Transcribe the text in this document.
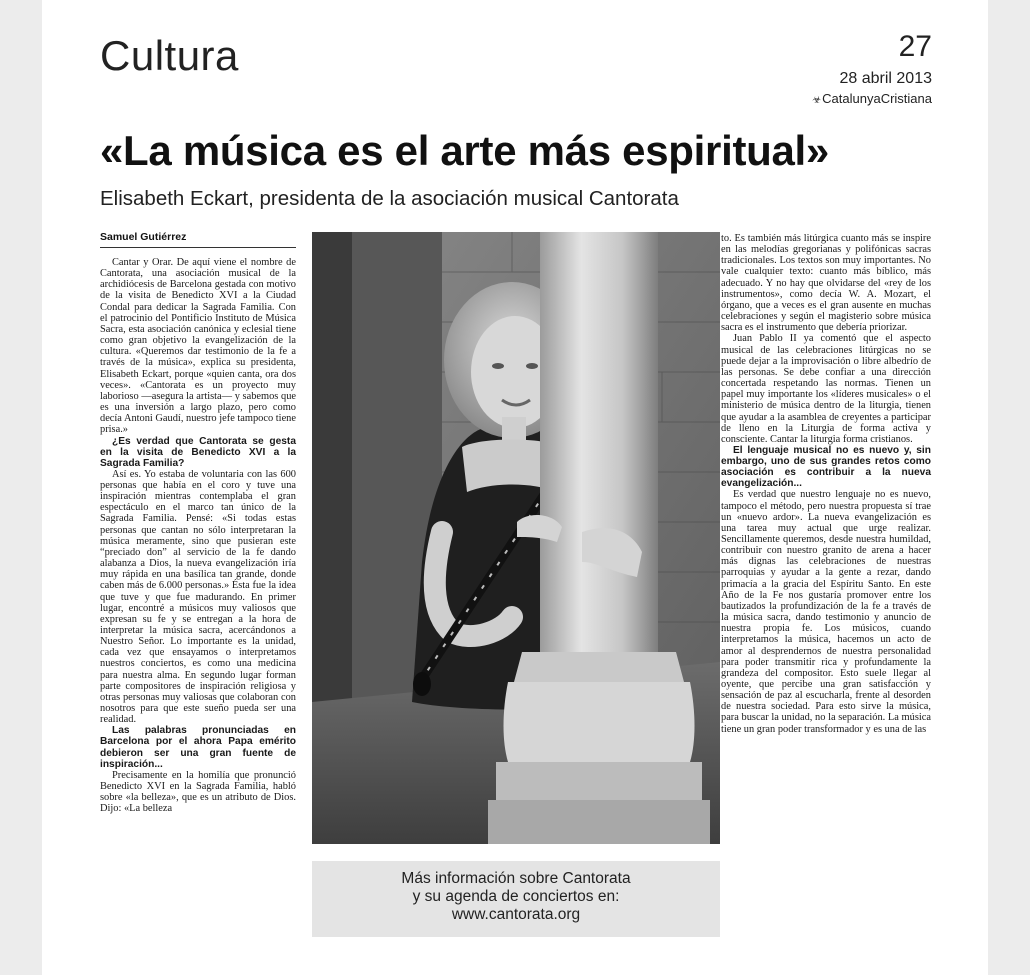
Cultura	27
28 abril 2013
☣CatalunyaCristiana
«La música es el arte más espiritual»
Elisabeth Eckart, presidenta de la asociación musical Cantorata
Samuel Gutiérrez

Cantar y Orar. De aquí viene el nombre de Cantorata, una asociación musical de la archidiócesis de Barcelona gestada con motivo de la visita de Benedicto XVI a la Ciudad Condal para dedicar la Sagrada Familia. Con el patrocinio del Pontificio Instituto de Música Sacra, esta asociación canónica y eclesial tiene como gran objetivo la evangelización de la cultura. «Queremos dar testimonio de la fe a través de la música», explica su presidenta, Elisabeth Eckart, porque «quien canta, ora dos veces». «Cantorata es un proyecto muy laborioso —asegura la artista— y sabemos que es una inversión a largo plazo, pero como decía Antoni Gaudí, nuestro jefe tampoco tiene prisa.»

¿Es verdad que Cantorata se gesta en la visita de Benedicto XVI a la Sagrada Familia?

Así es. Yo estaba de voluntaria con las 600 personas que había en el coro y tuve una inspiración mientras contemplaba el gran espectáculo en el marco tan único de la Sagrada Familia. Pensé: «Si todas estas personas que cantan no sólo interpretaran la música meramente, sino que pusieran este “preciado don” al servicio de la fe dando alabanza a Dios, la nueva evangelización iría muy rápida en una basílica tan grande, donde caben más de 6.000 personas.» Ésta fue la idea que tuve y que fue madurando. En primer lugar, encontré a músicos muy valiosos que expresan su fe y se entregan a la hora de interpretar la música sacra, acercándonos a Nuestro Señor. Lo importante es la unidad, cada vez que ensayamos o interpretamos nuestros conciertos, es como una medicina para nuestra alma. En segundo lugar forman parte compositores de inspiración religiosa y otras personas muy valiosas que colaboran con nosotros para que este sueño pueda ser una realidad.

Las palabras pronunciadas en Barcelona por el ahora Papa emérito debieron ser una gran fuente de inspiración...

Precisamente en la homilía que pronunció Benedicto XVI en la Sagrada Familia, habló sobre «la belleza», que es un atributo de Dios. Dijo: «La belleza

Más información sobre Cantorata
y su agenda de conciertos en:
www.cantorata.org

to. Es también más litúrgica cuanto más se inspire en las melodías gregorianas y polifónicas sacras tradicionales. Los textos son muy importantes. No vale cualquier texto: cuanto más bíblico, más adecuado. Y no hay que olvidarse del «rey de los instrumentos», como decía W. A. Mozart, el órgano, que a veces es el gran ausente en muchas celebraciones y según el magisterio sobre música sacra es el instrumento que debería priorizar.

Juan Pablo II ya comentó que el aspecto musical de las celebraciones litúrgicas no se puede dejar a la improvisación o libre albedrío de las personas. Se debe confiar a una dirección concertada respetando las normas. Tienen un papel muy importante los «líderes musicales» o el ministerio de música dentro de la liturgia, tienen que ayudar a la asamblea de creyentes a participar de lleno en la Liturgia de forma activa y consciente. Cantar la liturgia forma cristianos.

El lenguaje musical no es nuevo y, sin embargo, uno de sus grandes retos como asociación es contribuir a la nueva evangelización...

Es verdad que nuestro lenguaje no es nuevo, tampoco el método, pero nuestra propuesta sí trae un «nuevo ardor». La nueva evangelización es una tarea muy actual que urge realizar. Sencillamente queremos, desde nuestra humildad, contribuir con nuestro granito de arena a hacer más dignas las celebraciones de nuestras parroquias y ayudar a la gente a rezar, dando primacía a la gracia del Espíritu Santo. En este Año de la Fe nos gustaría promover entre los bautizados la profundización de la fe a través de la música sacra, dando testimonio y anuncio de nuestra propia fe. Los músicos, cuando interpretamos la música, hacemos un acto de amor al desprendernos de nuestra personalidad para poder transmitir rica y profundamente la grandeza del compositor. Esto suele llegar al oyente, que percibe una gran satisfacción y sensación de paz al escucharla, frente al desorden de nuestra sociedad. Para esto sirve la música, para buscar la unidad, no la separación. La música tiene un gran poder transformador y es una de las
